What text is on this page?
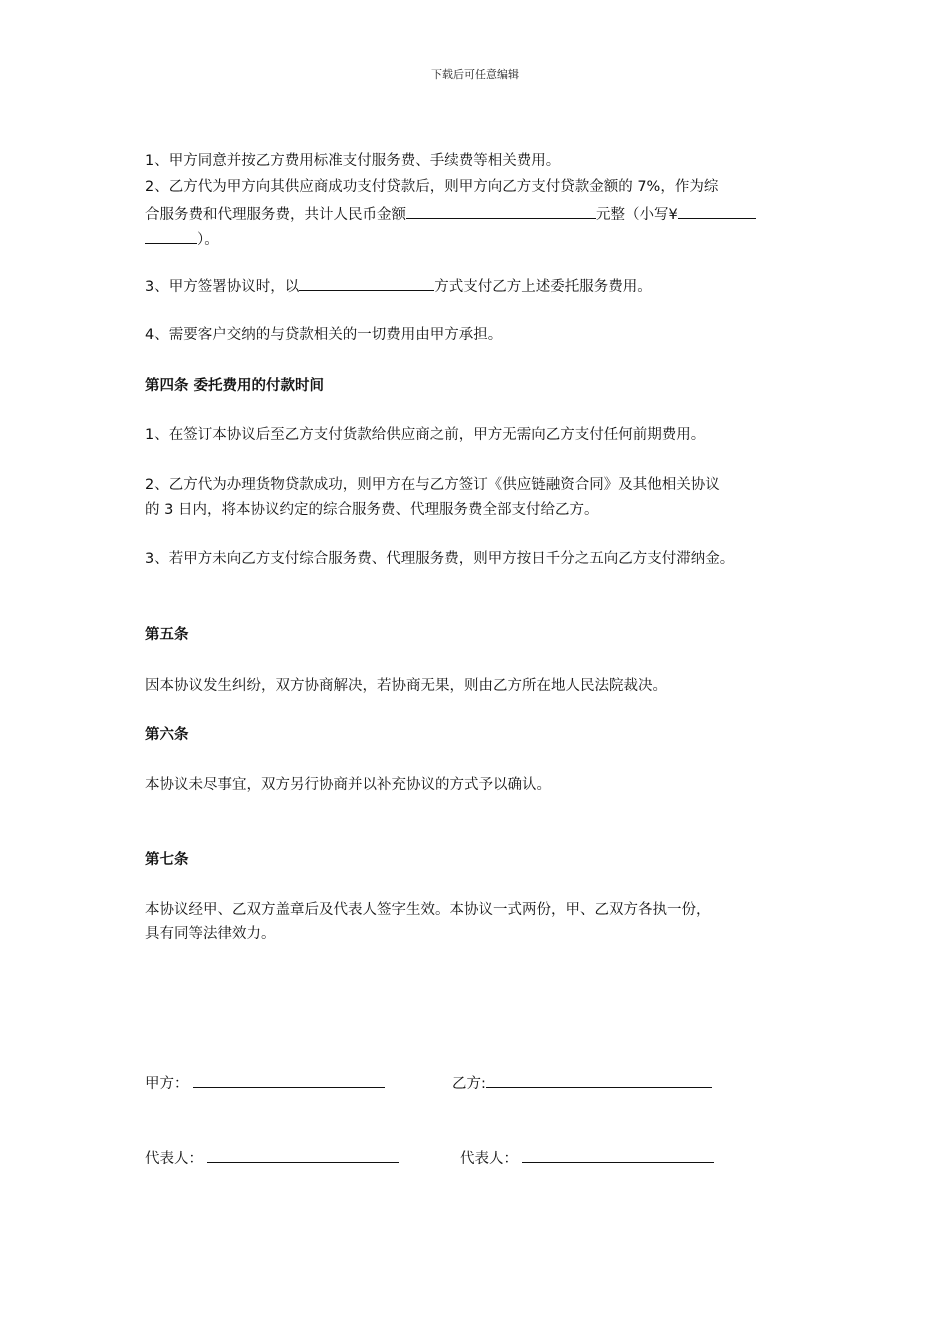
下载后可任意编辑
1、甲方同意并按乙方费用标准支付服务费、手续费等相关费用。
2、乙方代为甲方向其供应商成功支付贷款后，则甲方向乙方支付贷款金额的 7%，作为综
合服务费和代理服务费，共计人民币金额	元整（小写¥
）。
3、甲方签署协议时，以	方式支付乙方上述委托服务费用。
4、需要客户交纳的与贷款相关的一切费用由甲方承担。
第四条 委托费用的付款时间
1、在签订本协议后至乙方支付货款给供应商之前，甲方无需向乙方支付任何前期费用。
2、乙方代为办理货物贷款成功，则甲方在与乙方签订《供应链融资合同》及其他相关协议
的 3 日内，将本协议约定的综合服务费、代理服务费全部支付给乙方。
3、若甲方未向乙方支付综合服务费、代理服务费，则甲方按日千分之五向乙方支付滞纳金。
第五条
因本协议发生纠纷，双方协商解决，若协商无果，则由乙方所在地人民法院裁决。
第六条
本协议未尽事宜，双方另行协商并以补充协议的方式予以确认。
第七条
本协议经甲、乙双方盖章后及代表人签字生效。本协议一式两份，甲、乙双方各执一份，
具有同等法律效力。
甲方：	乙方:
代表人：	代表人：
